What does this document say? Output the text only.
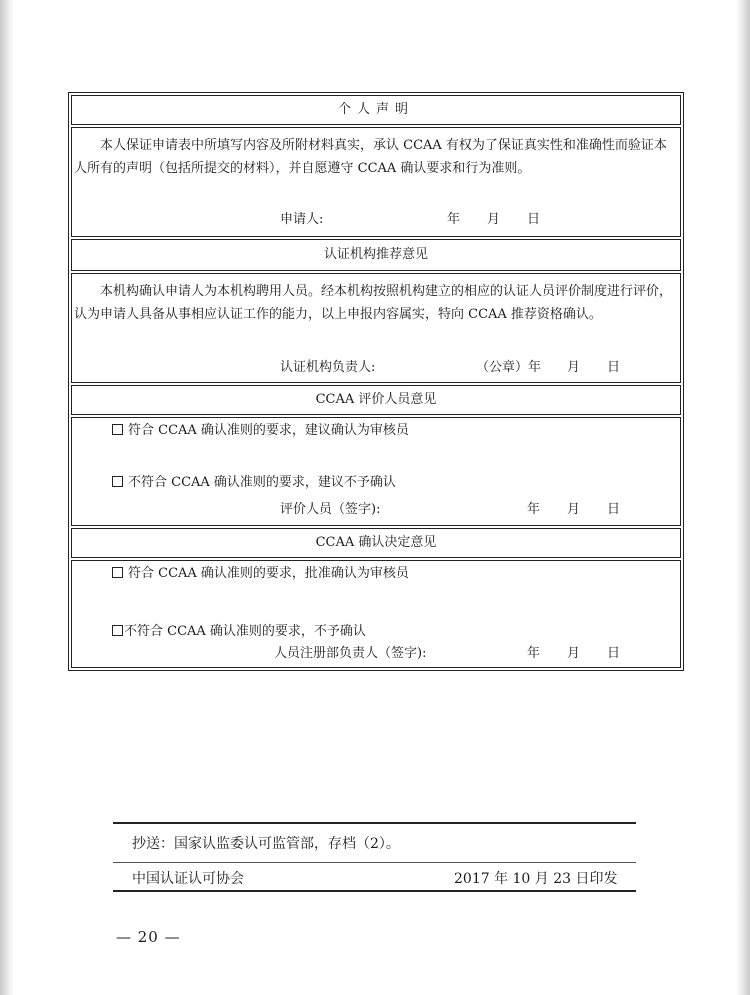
个人声明
本人保证申请表中所填写内容及所附材料真实，承认 CCAA 有权为了保证真实性和准确性而验证本人所有的声明（包括所提交的材料），并自愿遵守 CCAA 确认要求和行为准则。
申请人:	年 月 日
认证机构推荐意见
本机构确认申请人为本机构聘用人员。经本机构按照机构建立的相应的认证人员评价制度进行评价，认为申请人具备从事相应认证工作的能力，以上申报内容属实，特向 CCAA 推荐资格确认。
认证机构负责人:	（公章）年 月 日
CCAA 评价人员意见
符合 CCAA 确认准则的要求，建议确认为审核员
不符合 CCAA 确认准则的要求，建议不予确认
评价人员（签字):	年 月 日
CCAA 确认决定意见
符合 CCAA 确认准则的要求，批准确认为审核员
不符合 CCAA 确认准则的要求，不予确认
人员注册部负责人（签字):	年 月 日
抄送：国家认监委认可监管部，存档（2）。
中国认证认可协会	2017 年 10 月 23 日印发
— 20 —
